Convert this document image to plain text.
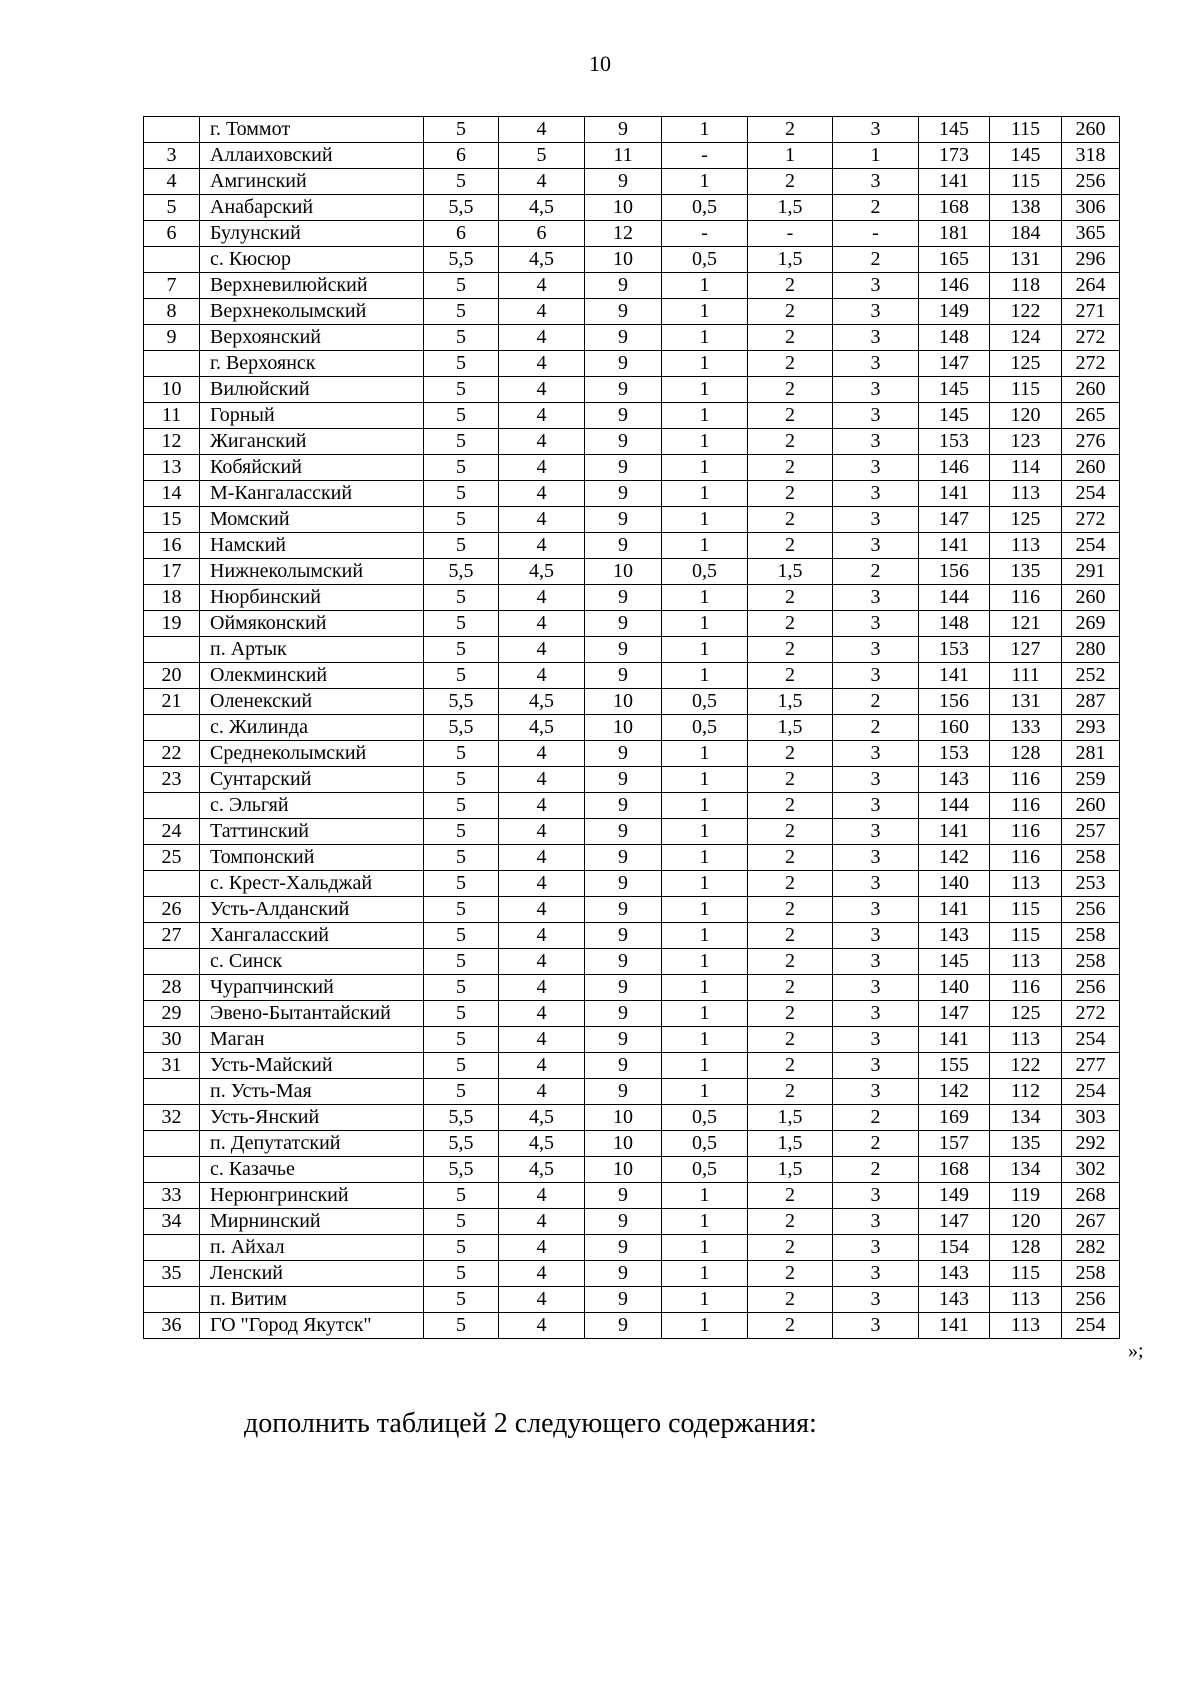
10
	г. Томмот	5	4	9	1	2	3	145	115	260
3	Аллаиховский	6	5	11	-	1	1	173	145	318
4	Амгинский	5	4	9	1	2	3	141	115	256
5	Анабарский	5,5	4,5	10	0,5	1,5	2	168	138	306
6	Булунский	6	6	12	-	-	-	181	184	365
	с. Кюсюр	5,5	4,5	10	0,5	1,5	2	165	131	296
7	Верхневилюйский	5	4	9	1	2	3	146	118	264
8	Верхнеколымский	5	4	9	1	2	3	149	122	271
9	Верхоянский	5	4	9	1	2	3	148	124	272
	г. Верхоянск	5	4	9	1	2	3	147	125	272
10	Вилюйский	5	4	9	1	2	3	145	115	260
11	Горный	5	4	9	1	2	3	145	120	265
12	Жиганский	5	4	9	1	2	3	153	123	276
13	Кобяйский	5	4	9	1	2	3	146	114	260
14	М-Кангаласский	5	4	9	1	2	3	141	113	254
15	Момский	5	4	9	1	2	3	147	125	272
16	Намский	5	4	9	1	2	3	141	113	254
17	Нижнеколымский	5,5	4,5	10	0,5	1,5	2	156	135	291
18	Нюрбинский	5	4	9	1	2	3	144	116	260
19	Оймяконский	5	4	9	1	2	3	148	121	269
	п. Артык	5	4	9	1	2	3	153	127	280
20	Олекминский	5	4	9	1	2	3	141	111	252
21	Оленекский	5,5	4,5	10	0,5	1,5	2	156	131	287
	с. Жилинда	5,5	4,5	10	0,5	1,5	2	160	133	293
22	Среднеколымский	5	4	9	1	2	3	153	128	281
23	Сунтарский	5	4	9	1	2	3	143	116	259
	с. Эльгяй	5	4	9	1	2	3	144	116	260
24	Таттинский	5	4	9	1	2	3	141	116	257
25	Томпонский	5	4	9	1	2	3	142	116	258
	с. Крест-Хальджай	5	4	9	1	2	3	140	113	253
26	Усть-Алданский	5	4	9	1	2	3	141	115	256
27	Хангаласский	5	4	9	1	2	3	143	115	258
	с. Синск	5	4	9	1	2	3	145	113	258
28	Чурапчинский	5	4	9	1	2	3	140	116	256
29	Эвено-Бытантайский	5	4	9	1	2	3	147	125	272
30	Маган	5	4	9	1	2	3	141	113	254
31	Усть-Майский	5	4	9	1	2	3	155	122	277
	п. Усть-Мая	5	4	9	1	2	3	142	112	254
32	Усть-Янский	5,5	4,5	10	0,5	1,5	2	169	134	303
	п. Депутатский	5,5	4,5	10	0,5	1,5	2	157	135	292
	с. Казачье	5,5	4,5	10	0,5	1,5	2	168	134	302
33	Нерюнгринский	5	4	9	1	2	3	149	119	268
34	Мирнинский	5	4	9	1	2	3	147	120	267
	п. Айхал	5	4	9	1	2	3	154	128	282
35	Ленский	5	4	9	1	2	3	143	115	258
	п. Витим	5	4	9	1	2	3	143	113	256
36	ГО "Город Якутск"	5	4	9	1	2	3	141	113	254
»;
дополнить таблицей 2 следующего содержания:
